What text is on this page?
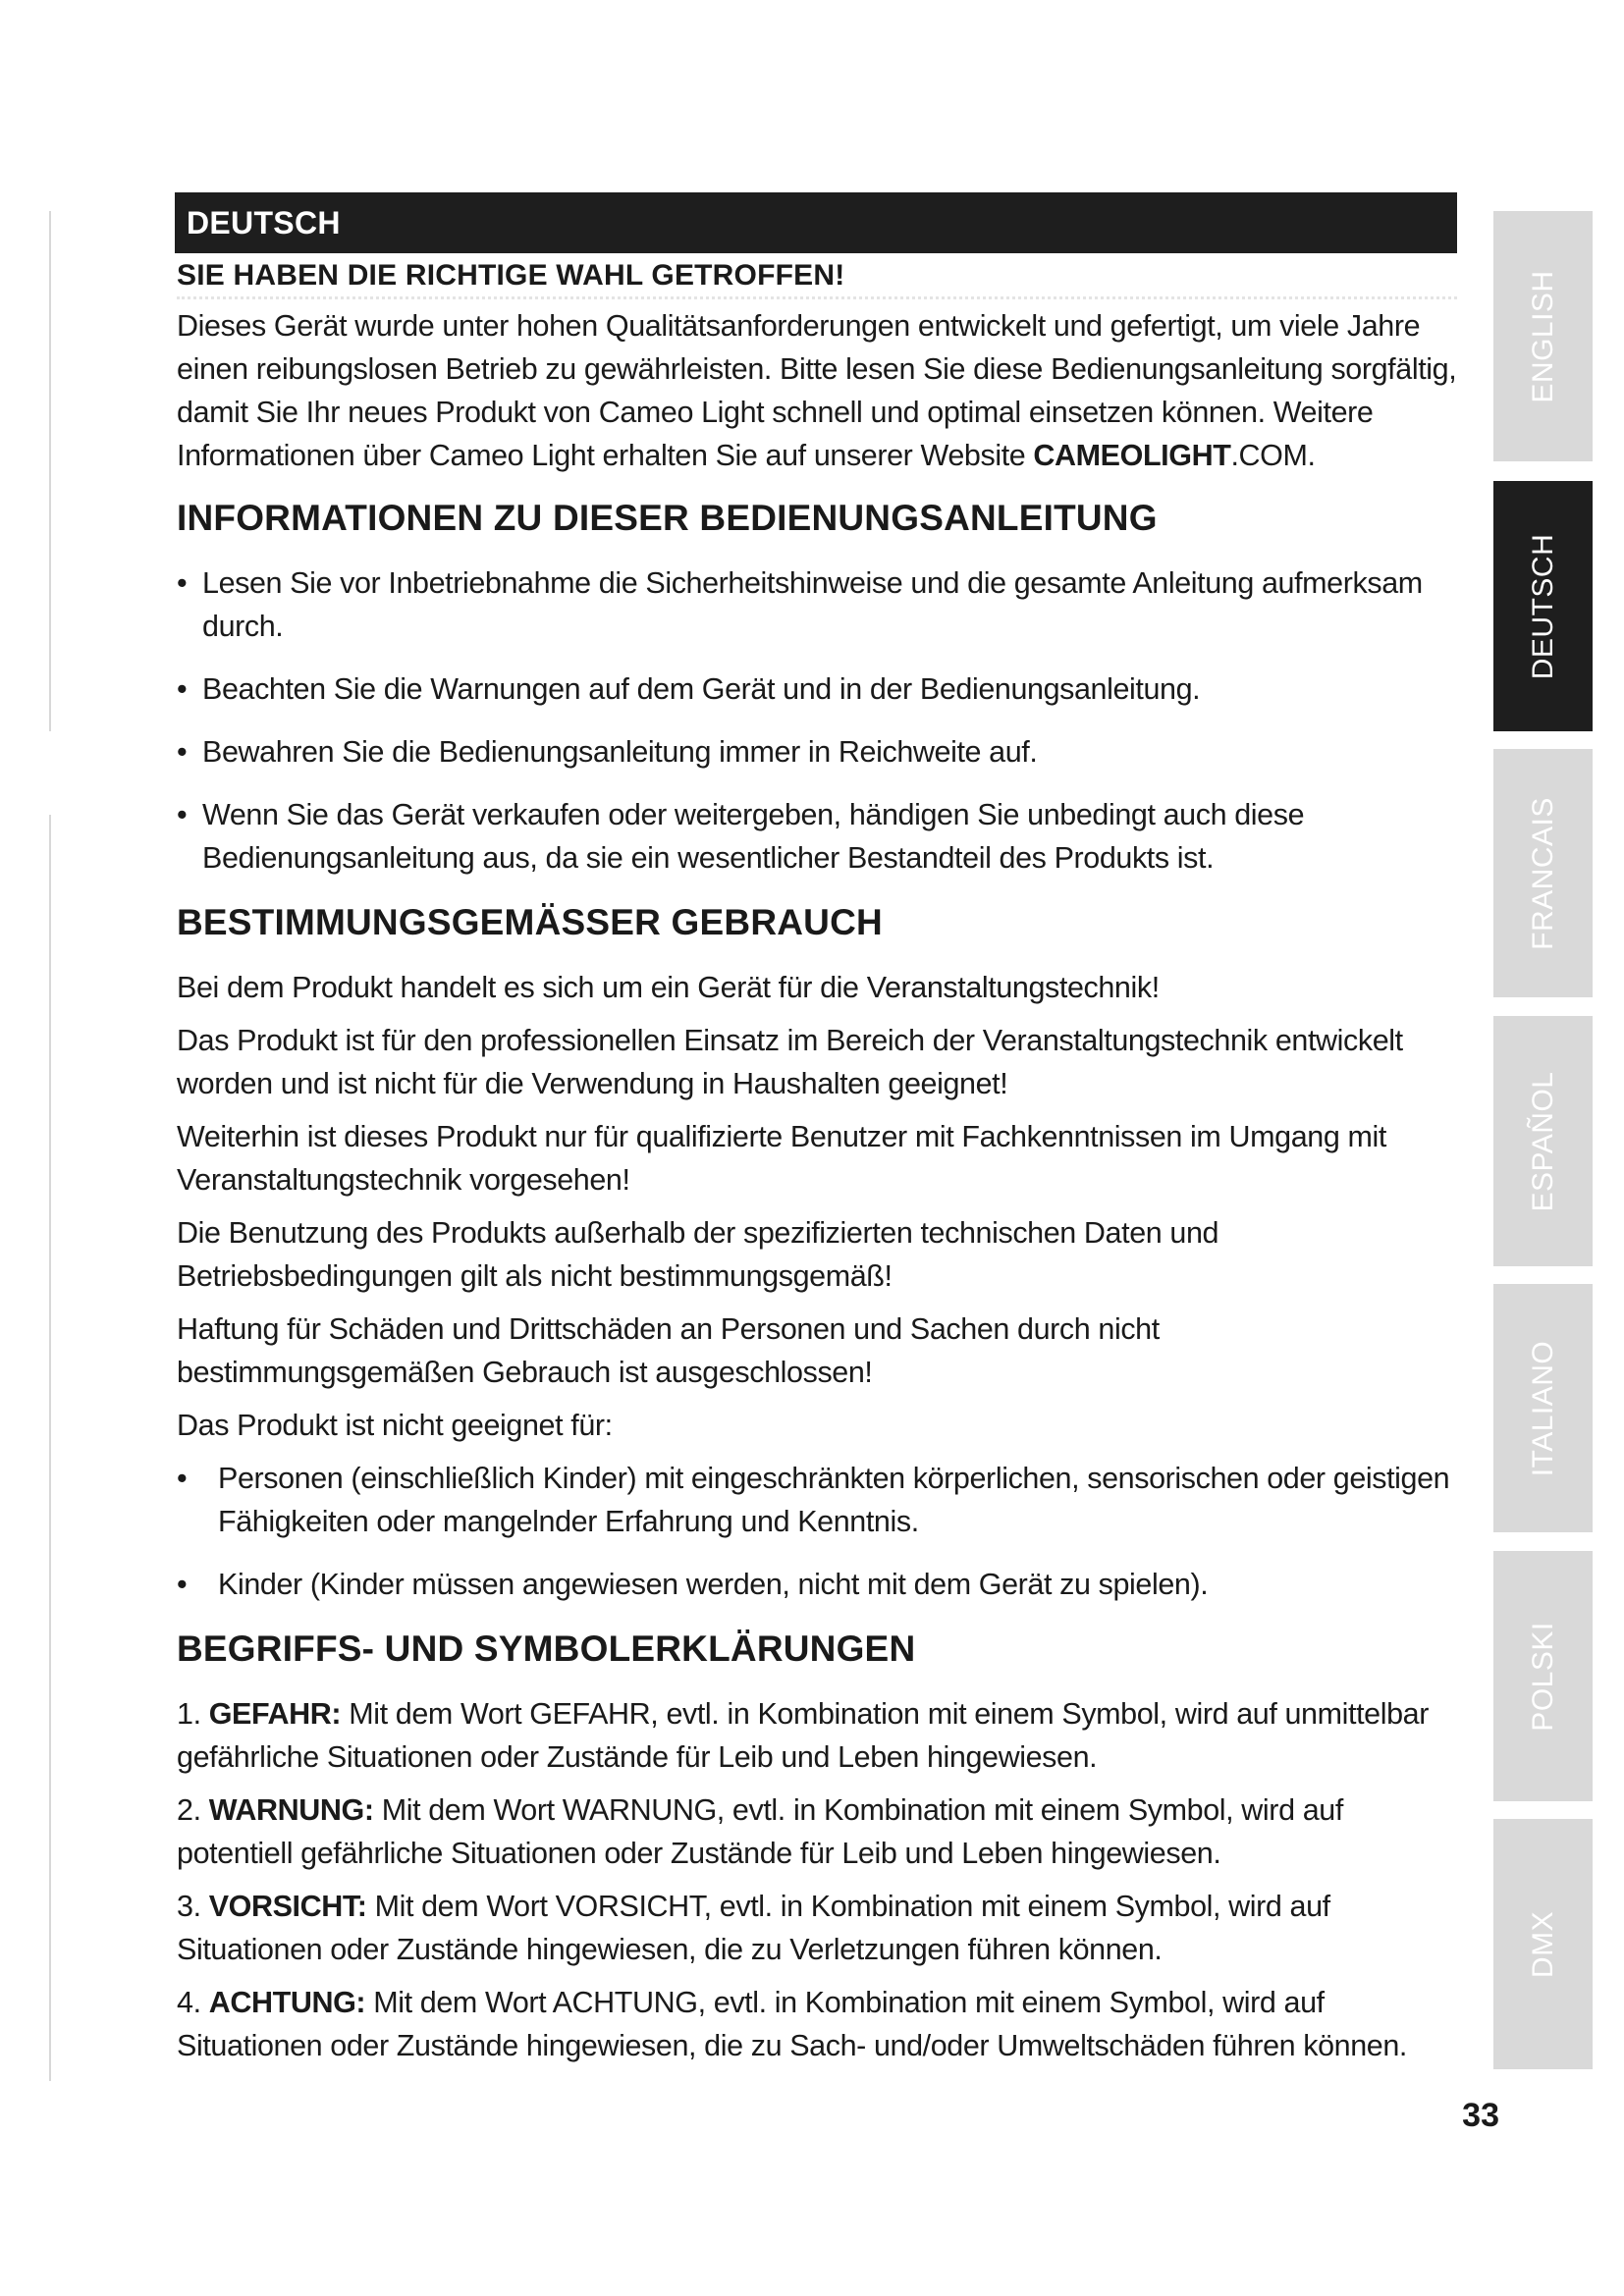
DEUTSCH
SIE HABEN DIE RICHTIGE WAHL GETROFFEN!

Dieses Gerät wurde unter hohen Qualitätsanforderungen entwickelt und gefertigt, um viele Jahre einen reibungslosen Betrieb zu gewährleisten. Bitte lesen Sie diese Bedienungsanleitung sorgfältig, damit Sie Ihr neues Produkt von Cameo Light schnell und optimal einsetzen können. Weitere Informationen über Cameo Light erhalten Sie auf unserer Website CAMEOLIGHT.COM.

INFORMATIONEN ZU DIESER BEDIENUNGSANLEITUNG
• Lesen Sie vor Inbetriebnahme die Sicherheitshinweise und die gesamte Anleitung aufmerksam durch.
• Beachten Sie die Warnungen auf dem Gerät und in der Bedienungsanleitung.
• Bewahren Sie die Bedienungsanleitung immer in Reichweite auf.
• Wenn Sie das Gerät verkaufen oder weitergeben, händigen Sie unbedingt auch diese Bedienungsanleitung aus, da sie ein wesentlicher Bestandteil des Produkts ist.
BESTIMMUNGSGEMÄSSER GEBRAUCH

Bei dem Produkt handelt es sich um ein Gerät für die Veranstaltungstechnik!

Das Produkt ist für den professionellen Einsatz im Bereich der Veranstaltungstechnik entwickelt worden und ist nicht für die Verwendung in Haushalten geeignet!

Weiterhin ist dieses Produkt nur für qualifizierte Benutzer mit Fachkenntnissen im Umgang mit Veranstaltungstechnik vorgesehen!

Die Benutzung des Produkts außerhalb der spezifizierten technischen Daten und Betriebsbedingungen gilt als nicht bestimmungsgemäß!

Haftung für Schäden und Drittschäden an Personen und Sachen durch nicht bestimmungsgemäßen Gebrauch ist ausgeschlossen!

Das Produkt ist nicht geeignet für:

•	Personen (einschließlich Kinder) mit eingeschränkten körperlichen, sensorischen oder geistigen Fähigkeiten oder mangelnder Erfahrung und Kenntnis.
•	Kinder (Kinder müssen angewiesen werden, nicht mit dem Gerät zu spielen).
BEGRIFFS- UND SYMBOLERKLÄRUNGEN

1. GEFAHR: Mit dem Wort GEFAHR, evtl. in Kombination mit einem Symbol, wird auf unmittelbar gefährliche Situationen oder Zustände für Leib und Leben hingewiesen.

2. WARNUNG: Mit dem Wort WARNUNG, evtl. in Kombination mit einem Symbol, wird auf potentiell gefährliche Situationen oder Zustände für Leib und Leben hingewiesen.

3. VORSICHT: Mit dem Wort VORSICHT, evtl. in Kombination mit einem Symbol, wird auf Situationen oder Zustände hingewiesen, die zu Verletzungen führen können.

4. ACHTUNG: Mit dem Wort ACHTUNG, evtl. in Kombination mit einem Symbol, wird auf Situationen oder Zustände hingewiesen, die zu Sach- und/oder Umweltschäden führen können.

ENGLISH
DEUTSCH
FRANCAIS
ESPAÑOL
ITALIANO
POLSKI
DMX
33
